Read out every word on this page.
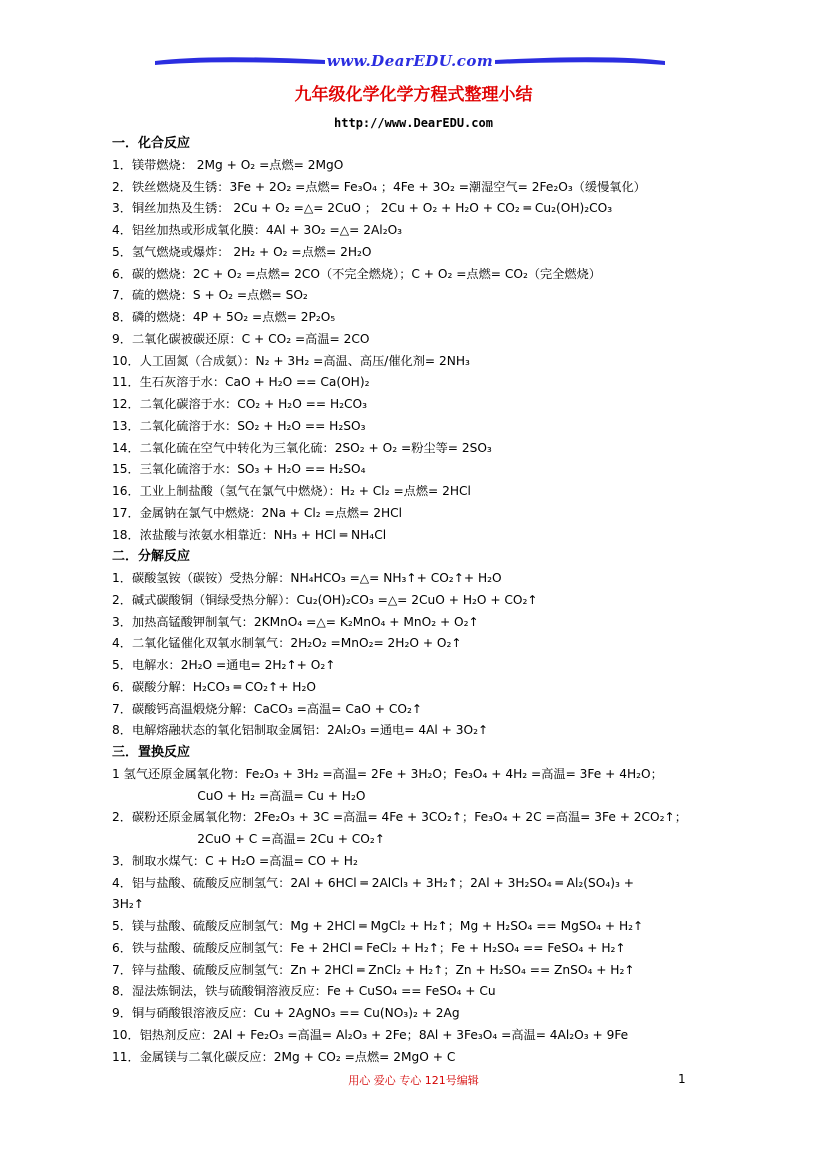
www.DearEDU.com
九年级化学化学方程式整理小结
http://www.DearEDU.com
一．化合反应
1．镁带燃烧： 2Mg + O₂ =点燃= 2MgO
2．铁丝燃烧及生锈：3Fe + 2O₂ =点燃= Fe₃O₄ ；4Fe + 3O₂ =潮湿空气= 2Fe₂O₃（缓慢氧化）
3．铜丝加热及生锈： 2Cu + O₂ =△= 2CuO ； 2Cu + O₂ + H₂O + CO₂ ═ Cu₂(OH)₂CO₃
4．铝丝加热或形成氧化膜：4Al + 3O₂ =△= 2Al₂O₃
5．氢气燃烧或爆炸： 2H₂ + O₂ =点燃= 2H₂O
6．碳的燃烧：2C + O₂ =点燃= 2CO（不完全燃烧）；C + O₂ =点燃= CO₂（完全燃烧）
7．硫的燃烧：S + O₂ =点燃= SO₂
8．磷的燃烧：4P + 5O₂ =点燃= 2P₂O₅
9．二氧化碳被碳还原：C + CO₂ =高温= 2CO
10．人工固氮（合成氨）：N₂ + 3H₂ =高温、高压/催化剂= 2NH₃
11．生石灰溶于水：CaO + H₂O == Ca(OH)₂
12．二氧化碳溶于水：CO₂ + H₂O == H₂CO₃
13．二氧化硫溶于水：SO₂ + H₂O == H₂SO₃
14．二氧化硫在空气中转化为三氧化硫：2SO₂ + O₂ =粉尘等= 2SO₃
15．三氧化硫溶于水：SO₃ + H₂O == H₂SO₄
16．工业上制盐酸（氢气在氯气中燃烧）：H₂ + Cl₂ =点燃= 2HCl
17．金属钠在氯气中燃烧：2Na + Cl₂ =点燃= 2HCl
18．浓盐酸与浓氨水相靠近：NH₃ + HCl ═ NH₄Cl
二．分解反应
1．碳酸氢铵（碳铵）受热分解：NH₄HCO₃ =△= NH₃↑+ CO₂↑+ H₂O
2．碱式碳酸铜（铜绿受热分解）：Cu₂(OH)₂CO₃ =△= 2CuO + H₂O + CO₂↑
3．加热高锰酸钾制氧气：2KMnO₄ =△= K₂MnO₄ + MnO₂ + O₂↑
4．二氧化锰催化双氧水制氧气：2H₂O₂ =MnO₂= 2H₂O + O₂↑
5．电解水：2H₂O =通电= 2H₂↑+ O₂↑
6．碳酸分解：H₂CO₃ ═ CO₂↑+ H₂O
7．碳酸钙高温煅烧分解：CaCO₃ =高温= CaO + CO₂↑
8．电解熔融状态的氧化铝制取金属铝：2Al₂O₃ =通电= 4Al + 3O₂↑
三．置换反应
1 氢气还原金属氧化物：Fe₂O₃ + 3H₂ =高温= 2Fe + 3H₂O；Fe₃O₄ + 4H₂ =高温= 3Fe + 4H₂O；
CuO + H₂ =高温= Cu + H₂O
2．碳粉还原金属氧化物：2Fe₂O₃ + 3C =高温= 4Fe + 3CO₂↑；Fe₃O₄ + 2C =高温= 3Fe + 2CO₂↑；
2CuO + C =高温= 2Cu + CO₂↑
3．制取水煤气：C + H₂O =高温= CO + H₂
4．铝与盐酸、硫酸反应制氢气：2Al + 6HCl ═ 2AlCl₃ + 3H₂↑；2Al + 3H₂SO₄ ═ Al₂(SO₄)₃ +
3H₂↑
5．镁与盐酸、硫酸反应制氢气：Mg + 2HCl ═ MgCl₂ + H₂↑；Mg + H₂SO₄ == MgSO₄ + H₂↑
6．铁与盐酸、硫酸反应制氢气：Fe + 2HCl ═ FeCl₂ + H₂↑；Fe + H₂SO₄ == FeSO₄ + H₂↑
7．锌与盐酸、硫酸反应制氢气：Zn + 2HCl ═ ZnCl₂ + H₂↑；Zn + H₂SO₄ == ZnSO₄ + H₂↑
8．湿法炼铜法，铁与硫酸铜溶液反应：Fe + CuSO₄ == FeSO₄ + Cu
9．铜与硝酸银溶液反应：Cu + 2AgNO₃ == Cu(NO₃)₂ + 2Ag
10．铝热剂反应：2Al + Fe₂O₃ =高温= Al₂O₃ + 2Fe；8Al + 3Fe₃O₄ =高温= 4Al₂O₃ + 9Fe
11．金属镁与二氧化碳反应：2Mg + CO₂ =点燃= 2MgO + C
用心 爱心 专心 121号编辑	1
